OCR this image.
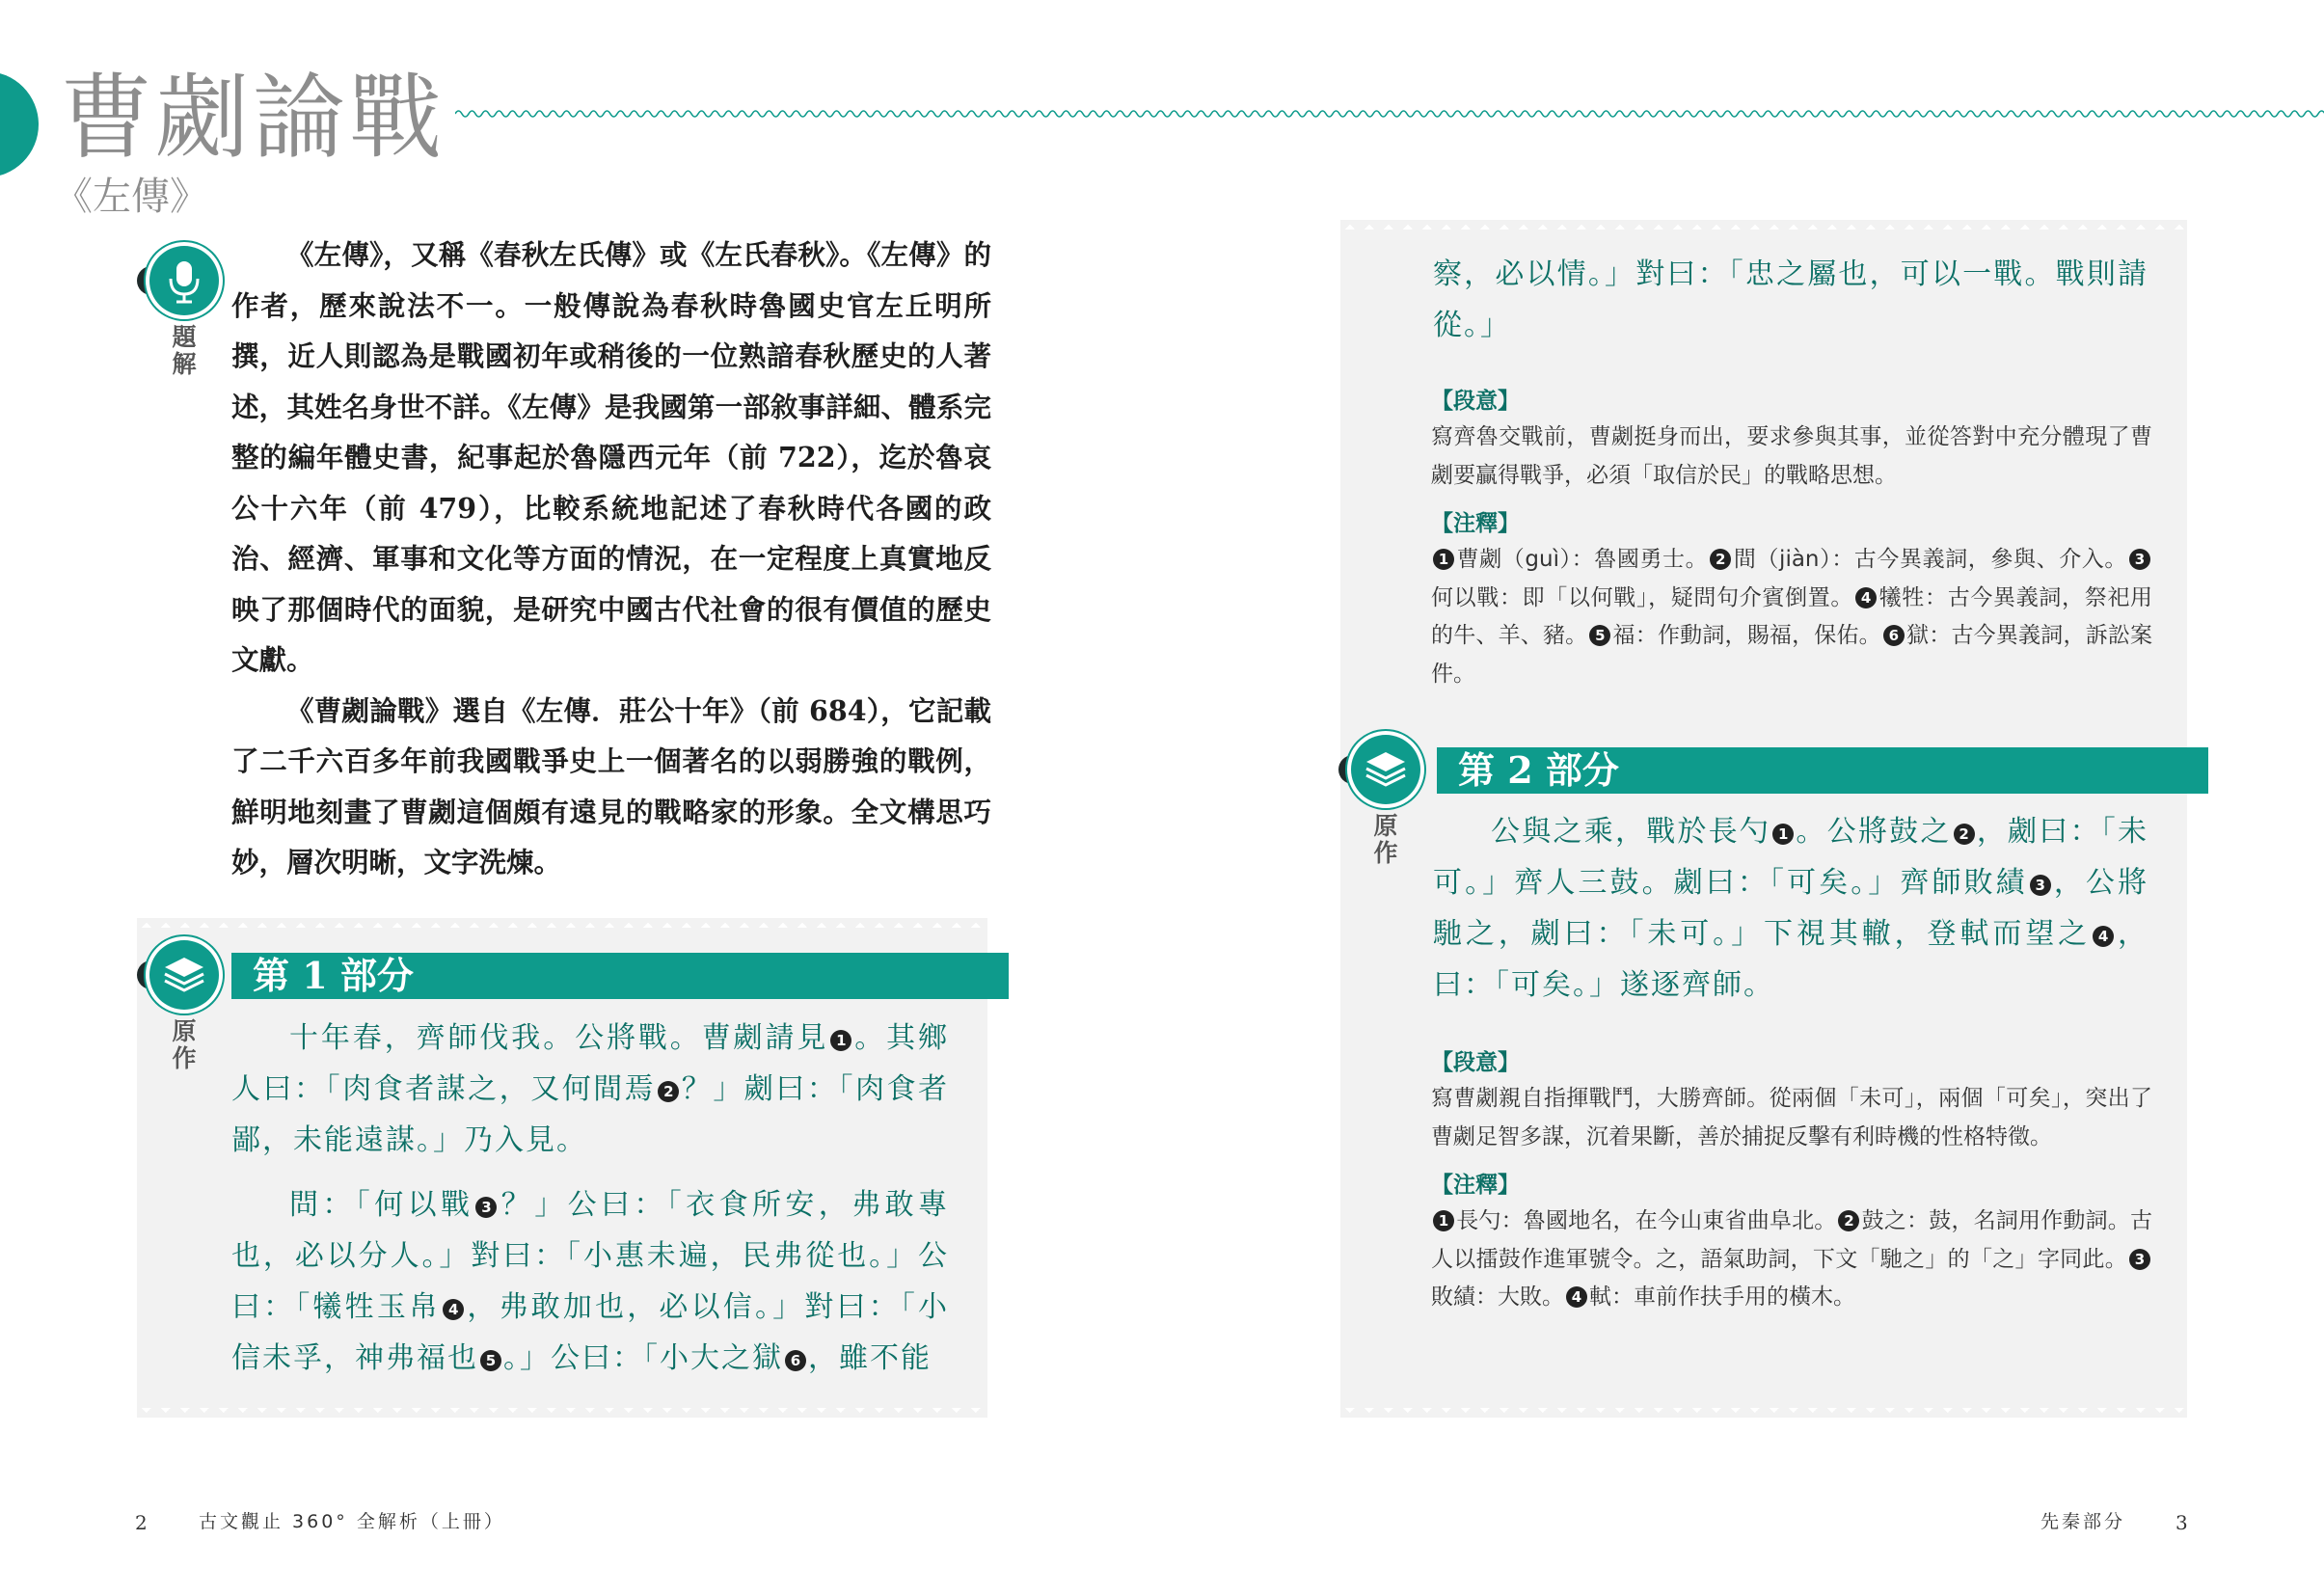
曹劌論戰
《左傳》
題
解

《左傳》，又稱《春秋左氏傳》或《左氏春秋》。《左傳》的作者，歷來說法不一。一般傳說為春秋時魯國史官左丘明所撰，近人則認為是戰國初年或稍後的一位熟諳春秋歷史的人著述，其姓名身世不詳。《左傳》是我國第一部敘事詳細、體系完整的編年體史書，紀事起於魯隱西元年（前 722），迄於魯哀公十六年（前 479），比較系統地記述了春秋時代各國的政治、經濟、軍事和文化等方面的情況，在一定程度上真實地反映了那個時代的面貌，是研究中國古代社會的很有價值的歷史文獻。

《曹劌論戰》選自《左傳．莊公十年》（前 684），它記載了二千六百多年前我國戰爭史上一個著名的以弱勝強的戰例，鮮明地刻畫了曹劌這個頗有遠見的戰略家的形象。全文構思巧妙，層次明晰，文字洗煉。

第 1 部分
原
作

十年春，齊師伐我。公將戰。曹劌請見 1 。其鄉人曰：「肉食者謀之，又何間焉 2 ？」劌曰：「肉食者鄙，未能遠謀。」乃入見。

問：「何以戰 3 ？」公曰：「衣食所安，弗敢專也，必以分人。」對曰：「小惠未遍，民弗從也。」公曰：「犧牲玉帛 4 ，弗敢加也，必以信。」對曰：「小信未孚，神弗福也 5 。」公曰：「小大之獄 6 ，雖不能

察，必以情。」對曰：「忠之屬也，可以一戰。戰則請從。」

【段意】
寫齊魯交戰前，曹劌挺身而出，要求參與其事，並從答對中充分體現了曹劌要贏得戰爭，必須「取信於民」的戰略思想。
【注釋】
1 曹劌（guì）：魯國勇士。 2 間（jiàn）：古今異義詞，參與、介入。 3何以戰：即「以何戰」，疑問句介賓倒置。 4 犧牲：古今異義詞，祭祀用的牛、羊、豬。 5 福：作動詞，賜福，保佑。 6 獄：古今異義詞，訴訟案件。
第 2 部分
原
作

公與之乘，戰於長勺 1 。公將鼓之 2 ，劌曰：「未可。」齊人三鼓。劌曰：「可矣。」齊師敗績 3 ，公將馳之，劌曰：「未可。」下視其轍，登軾而望之 4 ，曰：「可矣。」遂逐齊師。

【段意】
寫曹劌親自指揮戰鬥，大勝齊師。從兩個「未可」，兩個「可矣」，突出了曹劌足智多謀，沉着果斷，善於捕捉反擊有利時機的性格特徵。
【注釋】
1 長勺：魯國地名，在今山東省曲阜北。 2 鼓之：鼓，名詞用作動詞。古人以擂鼓作進軍號令。之，語氣助詞，下文「馳之」的「之」字同此。 3敗績：大敗。 4 軾：車前作扶手用的橫木。
2	古文觀止 360° 全解析（上冊）	先秦部分	3
